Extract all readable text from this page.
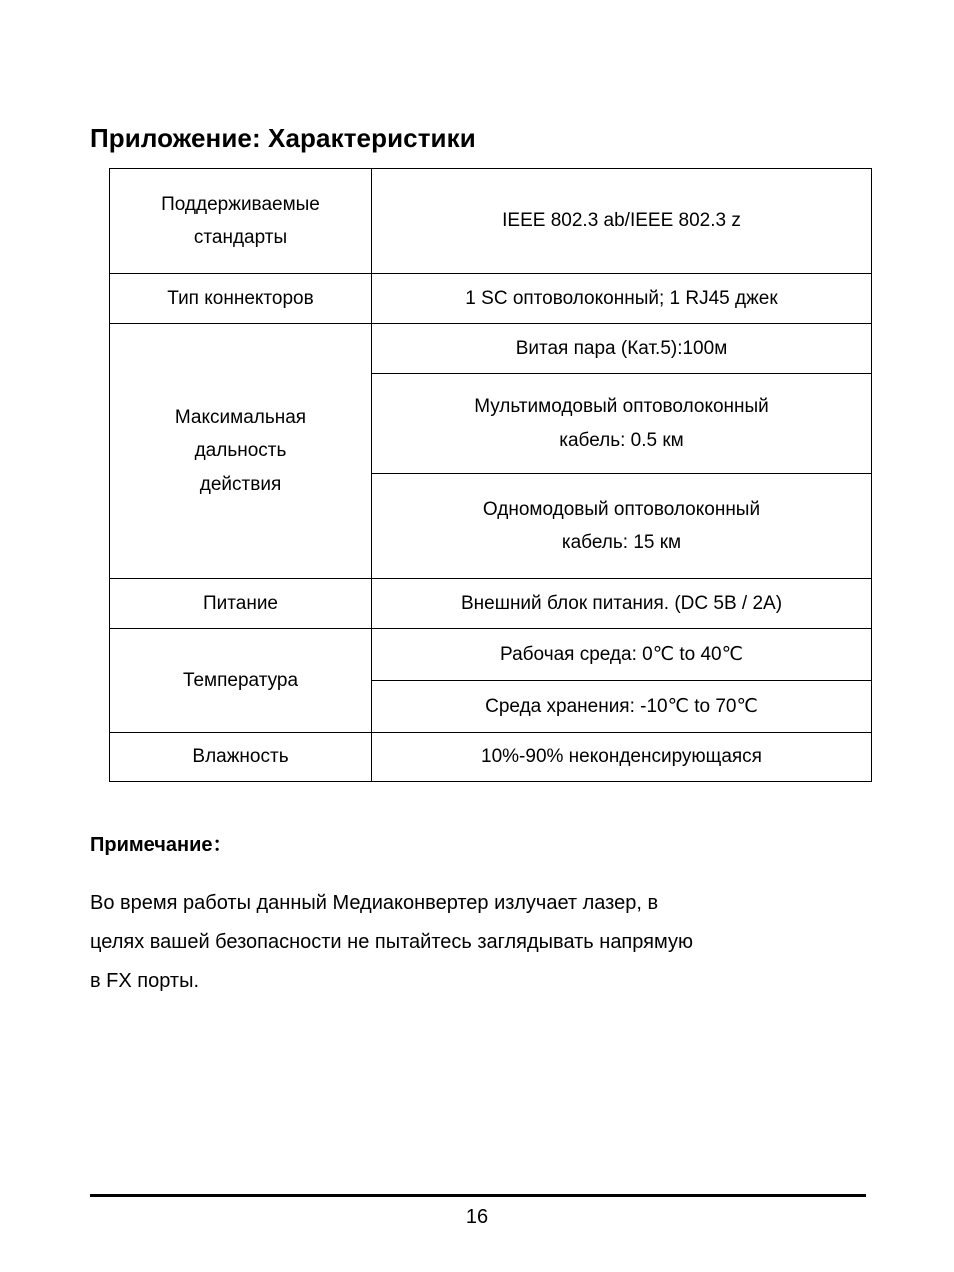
Приложение: Характеристики
Поддерживаемые
стандарты	IEEE 802.3 ab/IEEE 802.3 z
Тип коннекторов	1 SC оптоволоконный; 1 RJ45 джек

Максимальная
дальность
действия	Витая пара (Кат.5):100м

	Мультимодовый оптоволоконный
кабель: 0.5 км

	Одномодовый оптоволоконный
кабель: 15 км

Питание	Внешний блок питания. (DC 5В / 2А)
Температура	Рабочая среда: 0℃ to 40℃
	Среда хранения: -10℃ to 70℃
Влажность	10%-90% неконденсирующаяся
Примечание：

Во время работы данный Медиаконвертер излучает лазер, в

целях вашей безопасности не пытайтесь заглядывать напрямую

в FX порты.

16
